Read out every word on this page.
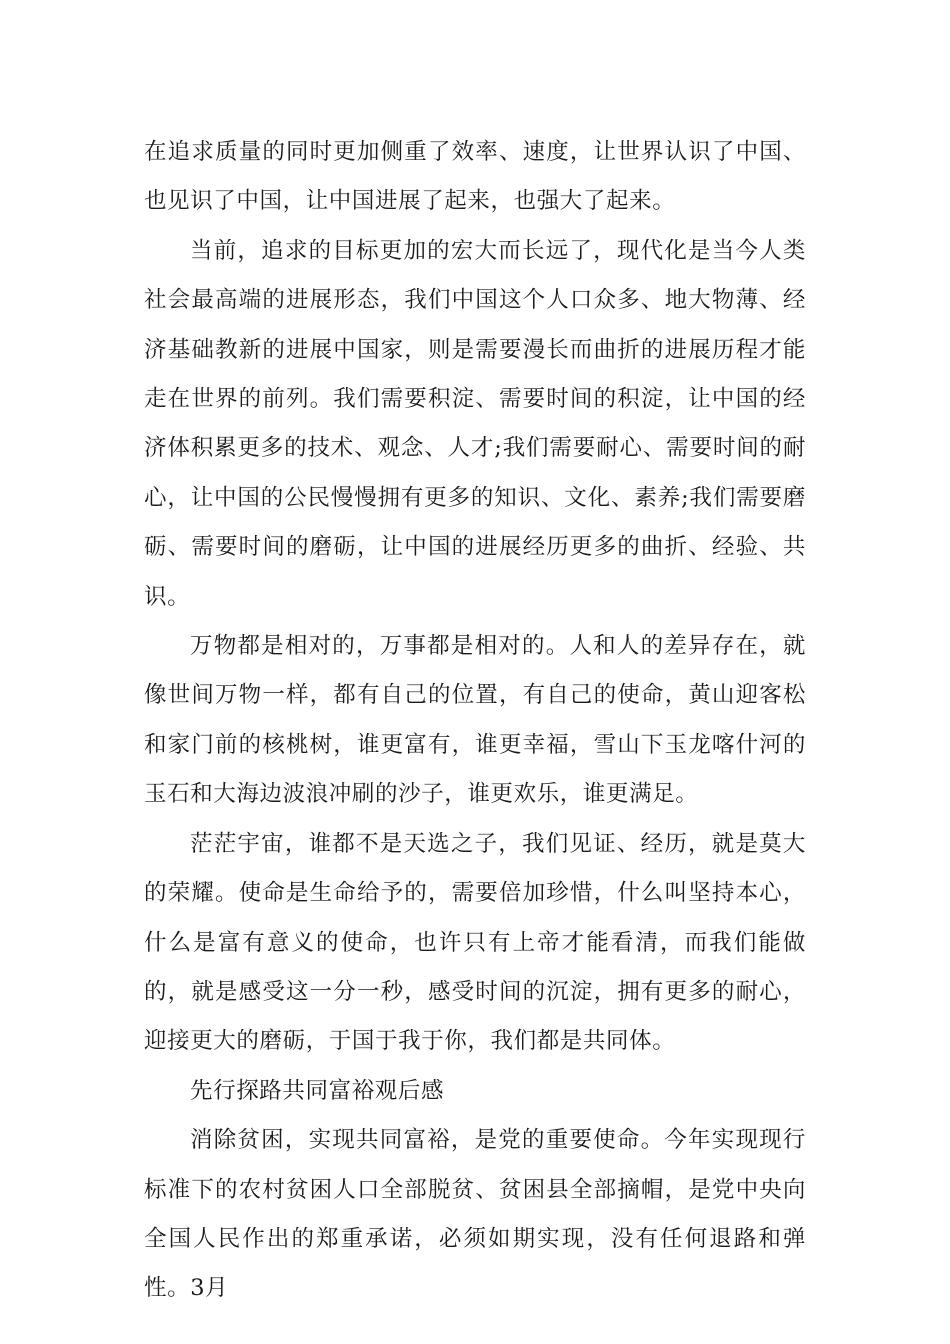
在追求质量的同时更加侧重了效率、速度，让世界认识了中国、也见识了中国，让中国进展了起来，也强大了起来。

当前，追求的目标更加的宏大而长远了，现代化是当今人类社会最高端的进展形态，我们中国这个人口众多、地大物薄、经济基础教新的进展中国家，则是需要漫长而曲折的进展历程才能走在世界的前列。我们需要积淀、需要时间的积淀，让中国的经济体积累更多的技术、观念、人才;我们需要耐心、需要时间的耐心，让中国的公民慢慢拥有更多的知识、文化、素养;我们需要磨砺、需要时间的磨砺，让中国的进展经历更多的曲折、经验、共识。

万物都是相对的，万事都是相对的。人和人的差异存在，就像世间万物一样，都有自己的位置，有自己的使命，黄山迎客松和家门前的核桃树，谁更富有，谁更幸福，雪山下玉龙喀什河的玉石和大海边波浪冲刷的沙子，谁更欢乐，谁更满足。

茫茫宇宙，谁都不是天选之子，我们见证、经历，就是莫大的荣耀。使命是生命给予的，需要倍加珍惜，什么叫坚持本心，什么是富有意义的使命，也许只有上帝才能看清，而我们能做的，就是感受这一分一秒，感受时间的沉淀，拥有更多的耐心，迎接更大的磨砺，于国于我于你，我们都是共同体。

先行探路共同富裕观后感

消除贫困，实现共同富裕，是党的重要使命。今年实现现行标准下的农村贫困人口全部脱贫、贫困县全部摘帽，是党中央向全国人民作出的郑重承诺，必须如期实现，没有任何退路和弹性。3月
